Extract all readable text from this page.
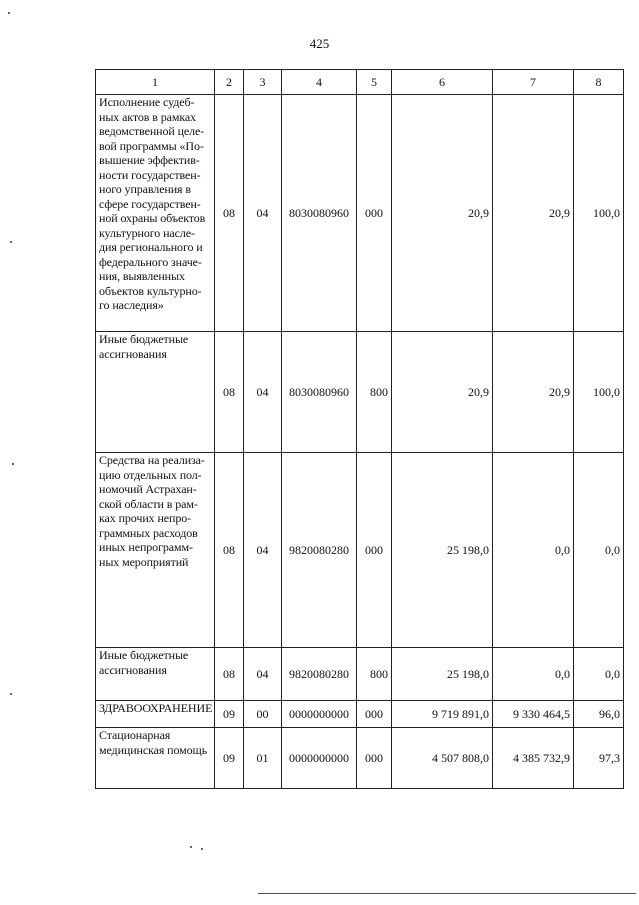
425
1	2	3	4	5	6	7	8
Исполнение судеб-ных актов в рамках ведомственной целе-вой программы «По-вышение эффектив-ности государствен-ного управления в сфере государствен-ной охраны объектов культурного насле-дия регионального и федерального значе-ния, выявленных объектов культурно-го наследия»	08	04	8030080960	000	20,9	20,9	100,0
Иные бюджетные ассигнования	08	04	8030080960	800	20,9	20,9	100,0
Средства на реализа-цию отдельных пол-номочий Астрахан-ской области в рам-ках прочих непро-граммных расходов иных непрограмм-ных мероприятий	08	04	9820080280	000	25 198,0	0,0	0,0
Иные бюджетные ассигнования	08	04	9820080280	800	25 198,0	0,0	0,0
ЗДРАВООХРАНЕНИЕ	09	00	0000000000	000	9 719 891,0	9 330 464,5	96,0
Стационарная медицинская помощь	09	01	0000000000	000	4 507 808,0	4 385 732,9	97,3
